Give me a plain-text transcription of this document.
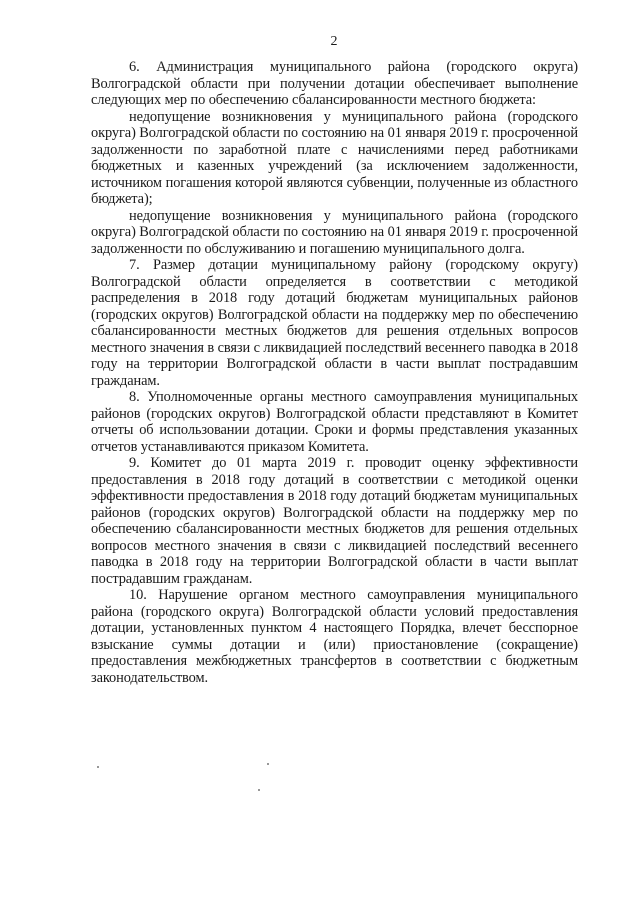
2

6. Администрация муниципального района (городского округа) Волгоградской области при получении дотации обеспечивает выполнение следующих мер по обеспечению сбалансированности местного бюджета:

недопущение возникновения у муниципального района (городского округа) Волгоградской области по состоянию на 01 января 2019 г. просроченной задолженности по заработной плате с начислениями перед работниками бюджетных и казенных учреждений (за исключением задолженности, источником погашения которой являются субвенции, полученные из областного бюджета);

недопущение возникновения у муниципального района (городского округа) Волгоградской области по состоянию на 01 января 2019 г. просроченной задолженности по обслуживанию и погашению муниципального долга.

7. Размер дотации муниципальному району (городскому округу) Волгоградской области определяется в соответствии с методикой распределения в 2018 году дотаций бюджетам муниципальных районов (городских округов) Волгоградской области на поддержку мер по обеспечению сбалансированности местных бюджетов для решения отдельных вопросов местного значения в связи с ликвидацией последствий весеннего паводка в 2018 году на территории Волгоградской области в части выплат пострадавшим гражданам.

8. Уполномоченные органы местного самоуправления муниципальных районов (городских округов) Волгоградской области представляют в Комитет отчеты об использовании дотации. Сроки и формы представления указанных отчетов устанавливаются приказом Комитета.

9. Комитет до 01 марта 2019 г. проводит оценку эффективности предоставления в 2018 году дотаций в соответствии с методикой оценки эффективности предоставления в 2018 году дотаций бюджетам муниципальных районов (городских округов) Волгоградской области на поддержку мер по обеспечению сбалансированности местных бюджетов для решения отдельных вопросов местного значения в связи с ликвидацией последствий весеннего паводка в 2018 году на территории Волгоградской области в части выплат пострадавшим гражданам.

10. Нарушение органом местного самоуправления муниципального района (городского округа) Волгоградской области условий предоставления дотации, установленных пунктом 4 настоящего Порядка, влечет бесспорное взыскание суммы дотации и (или) приостановление (сокращение) предоставления межбюджетных трансфертов в соответствии с бюджетным законодательством.
